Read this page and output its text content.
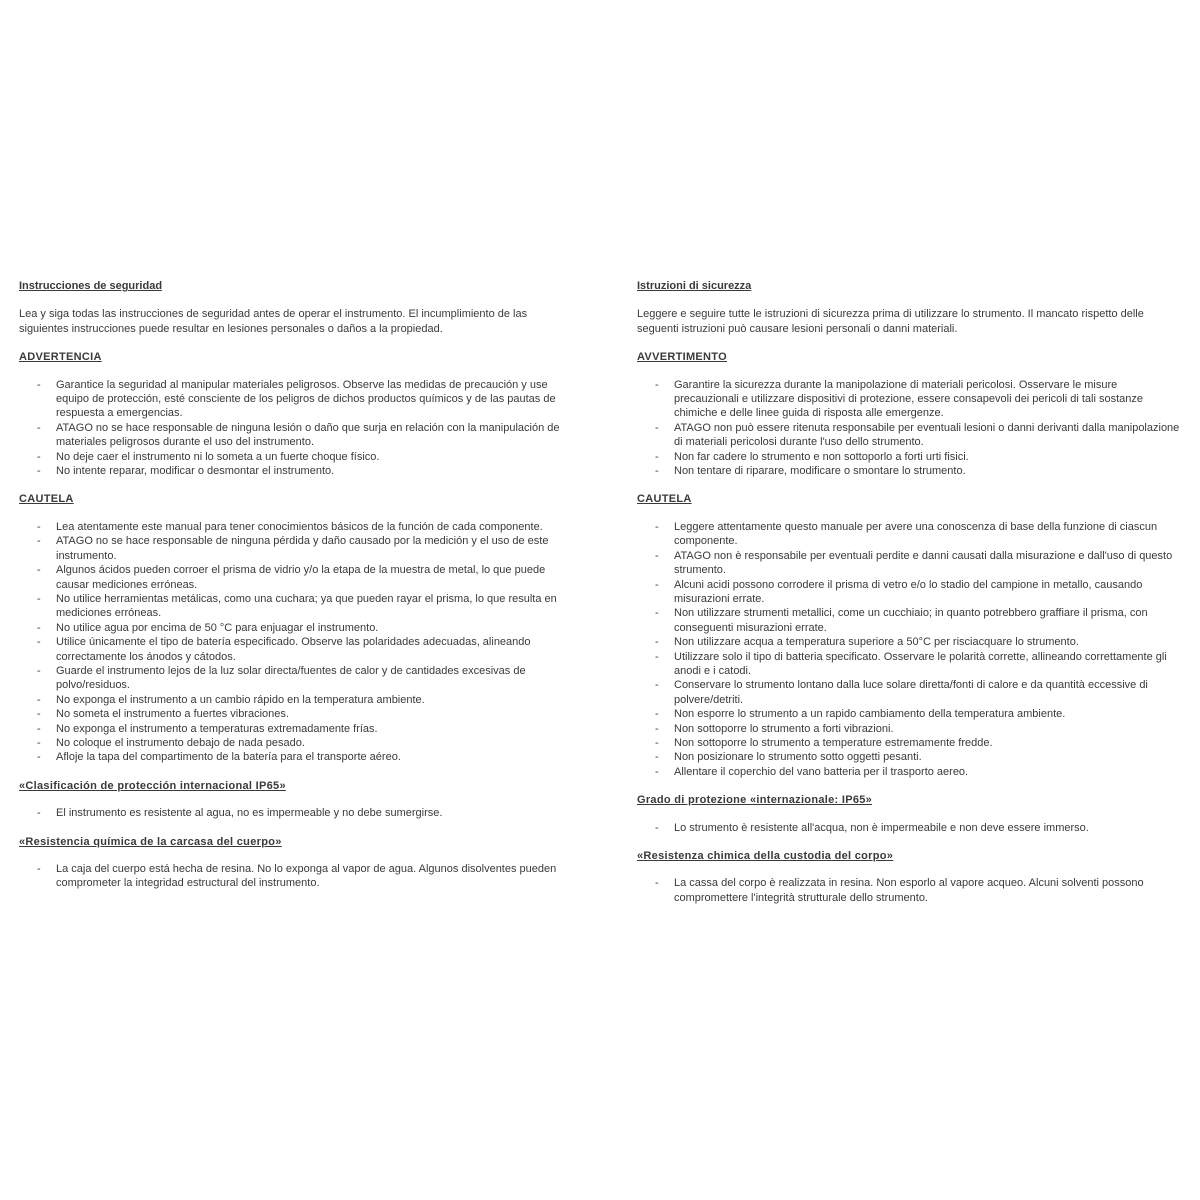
Instrucciones de seguridad

Lea y siga todas las instrucciones de seguridad antes de operar el instrumento. El incumplimiento de las siguientes instrucciones puede resultar en lesiones personales o daños a la propiedad.

ADVERTENCIA
- Garantice la seguridad al manipular materiales peligrosos. Observe las medidas de precaución y use equipo de protección, esté consciente de los peligros de dichos productos químicos y de las pautas de respuesta a emergencias.
- ATAGO no se hace responsable de ninguna lesión o daño que surja en relación con la manipulación de materiales peligrosos durante el uso del instrumento.
- No deje caer el instrumento ni lo someta a un fuerte choque físico.
- No intente reparar, modificar o desmontar el instrumento.
CAUTELA
- Lea atentamente este manual para tener conocimientos básicos de la función de cada componente.
- ATAGO no se hace responsable de ninguna pérdida y daño causado por la medición y el uso de este instrumento.
- Algunos ácidos pueden corroer el prisma de vidrio y/o la etapa de la muestra de metal, lo que puede causar mediciones erróneas.
- No utilice herramientas metálicas, como una cuchara; ya que pueden rayar el prisma, lo que resulta en mediciones erróneas.
- No utilice agua por encima de 50 °C para enjuagar el instrumento.
- Utilice únicamente el tipo de batería especificado. Observe las polaridades adecuadas, alineando correctamente los ánodos y cátodos.
- Guarde el instrumento lejos de la luz solar directa/fuentes de calor y de cantidades excesivas de polvo/residuos.
- No exponga el instrumento a un cambio rápido en la temperatura ambiente.
- No someta el instrumento a fuertes vibraciones.
- No exponga el instrumento a temperaturas extremadamente frías.
- No coloque el instrumento debajo de nada pesado.
- Afloje la tapa del compartimento de la batería para el transporte aéreo.
«Clasificación de protección internacional IP65»
- El instrumento es resistente al agua, no es impermeable y no debe sumergirse.
«Resistencia química de la carcasa del cuerpo»
- La caja del cuerpo está hecha de resina. No lo exponga al vapor de agua. Algunos disolventes pueden comprometer la integridad estructural del instrumento.
Istruzioni di sicurezza

Leggere e seguire tutte le istruzioni di sicurezza prima di utilizzare lo strumento. Il mancato rispetto delle seguenti istruzioni può causare lesioni personali o danni materiali.

AVVERTIMENTO
- Garantire la sicurezza durante la manipolazione di materiali pericolosi. Osservare le misure precauzionali e utilizzare dispositivi di protezione, essere consapevoli dei pericoli di tali sostanze chimiche e delle linee guida di risposta alle emergenze.
- ATAGO non può essere ritenuta responsabile per eventuali lesioni o danni derivanti dalla manipolazione di materiali pericolosi durante l'uso dello strumento.
- Non far cadere lo strumento e non sottoporlo a forti urti fisici.
- Non tentare di riparare, modificare o smontare lo strumento.
CAUTELA
- Leggere attentamente questo manuale per avere una conoscenza di base della funzione di ciascun componente.
- ATAGO non è responsabile per eventuali perdite e danni causati dalla misurazione e dall'uso di questo strumento.
- Alcuni acidi possono corrodere il prisma di vetro e/o lo stadio del campione in metallo, causando misurazioni errate.
- Non utilizzare strumenti metallici, come un cucchiaio; in quanto potrebbero graffiare il prisma, con conseguenti misurazioni errate.
- Non utilizzare acqua a temperatura superiore a 50°C per risciacquare lo strumento.
- Utilizzare solo il tipo di batteria specificato. Osservare le polarità corrette, allineando correttamente gli anodi e i catodi.
- Conservare lo strumento lontano dalla luce solare diretta/fonti di calore e da quantità eccessive di polvere/detriti.
- Non esporre lo strumento a un rapido cambiamento della temperatura ambiente.
- Non sottoporre lo strumento a forti vibrazioni.
- Non sottoporre lo strumento a temperature estremamente fredde.
- Non posizionare lo strumento sotto oggetti pesanti.
- Allentare il coperchio del vano batteria per il trasporto aereo.
Grado di protezione «internazionale: IP65»
- Lo strumento è resistente all'acqua, non è impermeabile e non deve essere immerso.
«Resistenza chimica della custodia del corpo»
- La cassa del corpo è realizzata in resina. Non esporlo al vapore acqueo. Alcuni solventi possono compromettere l'integrità strutturale dello strumento.
